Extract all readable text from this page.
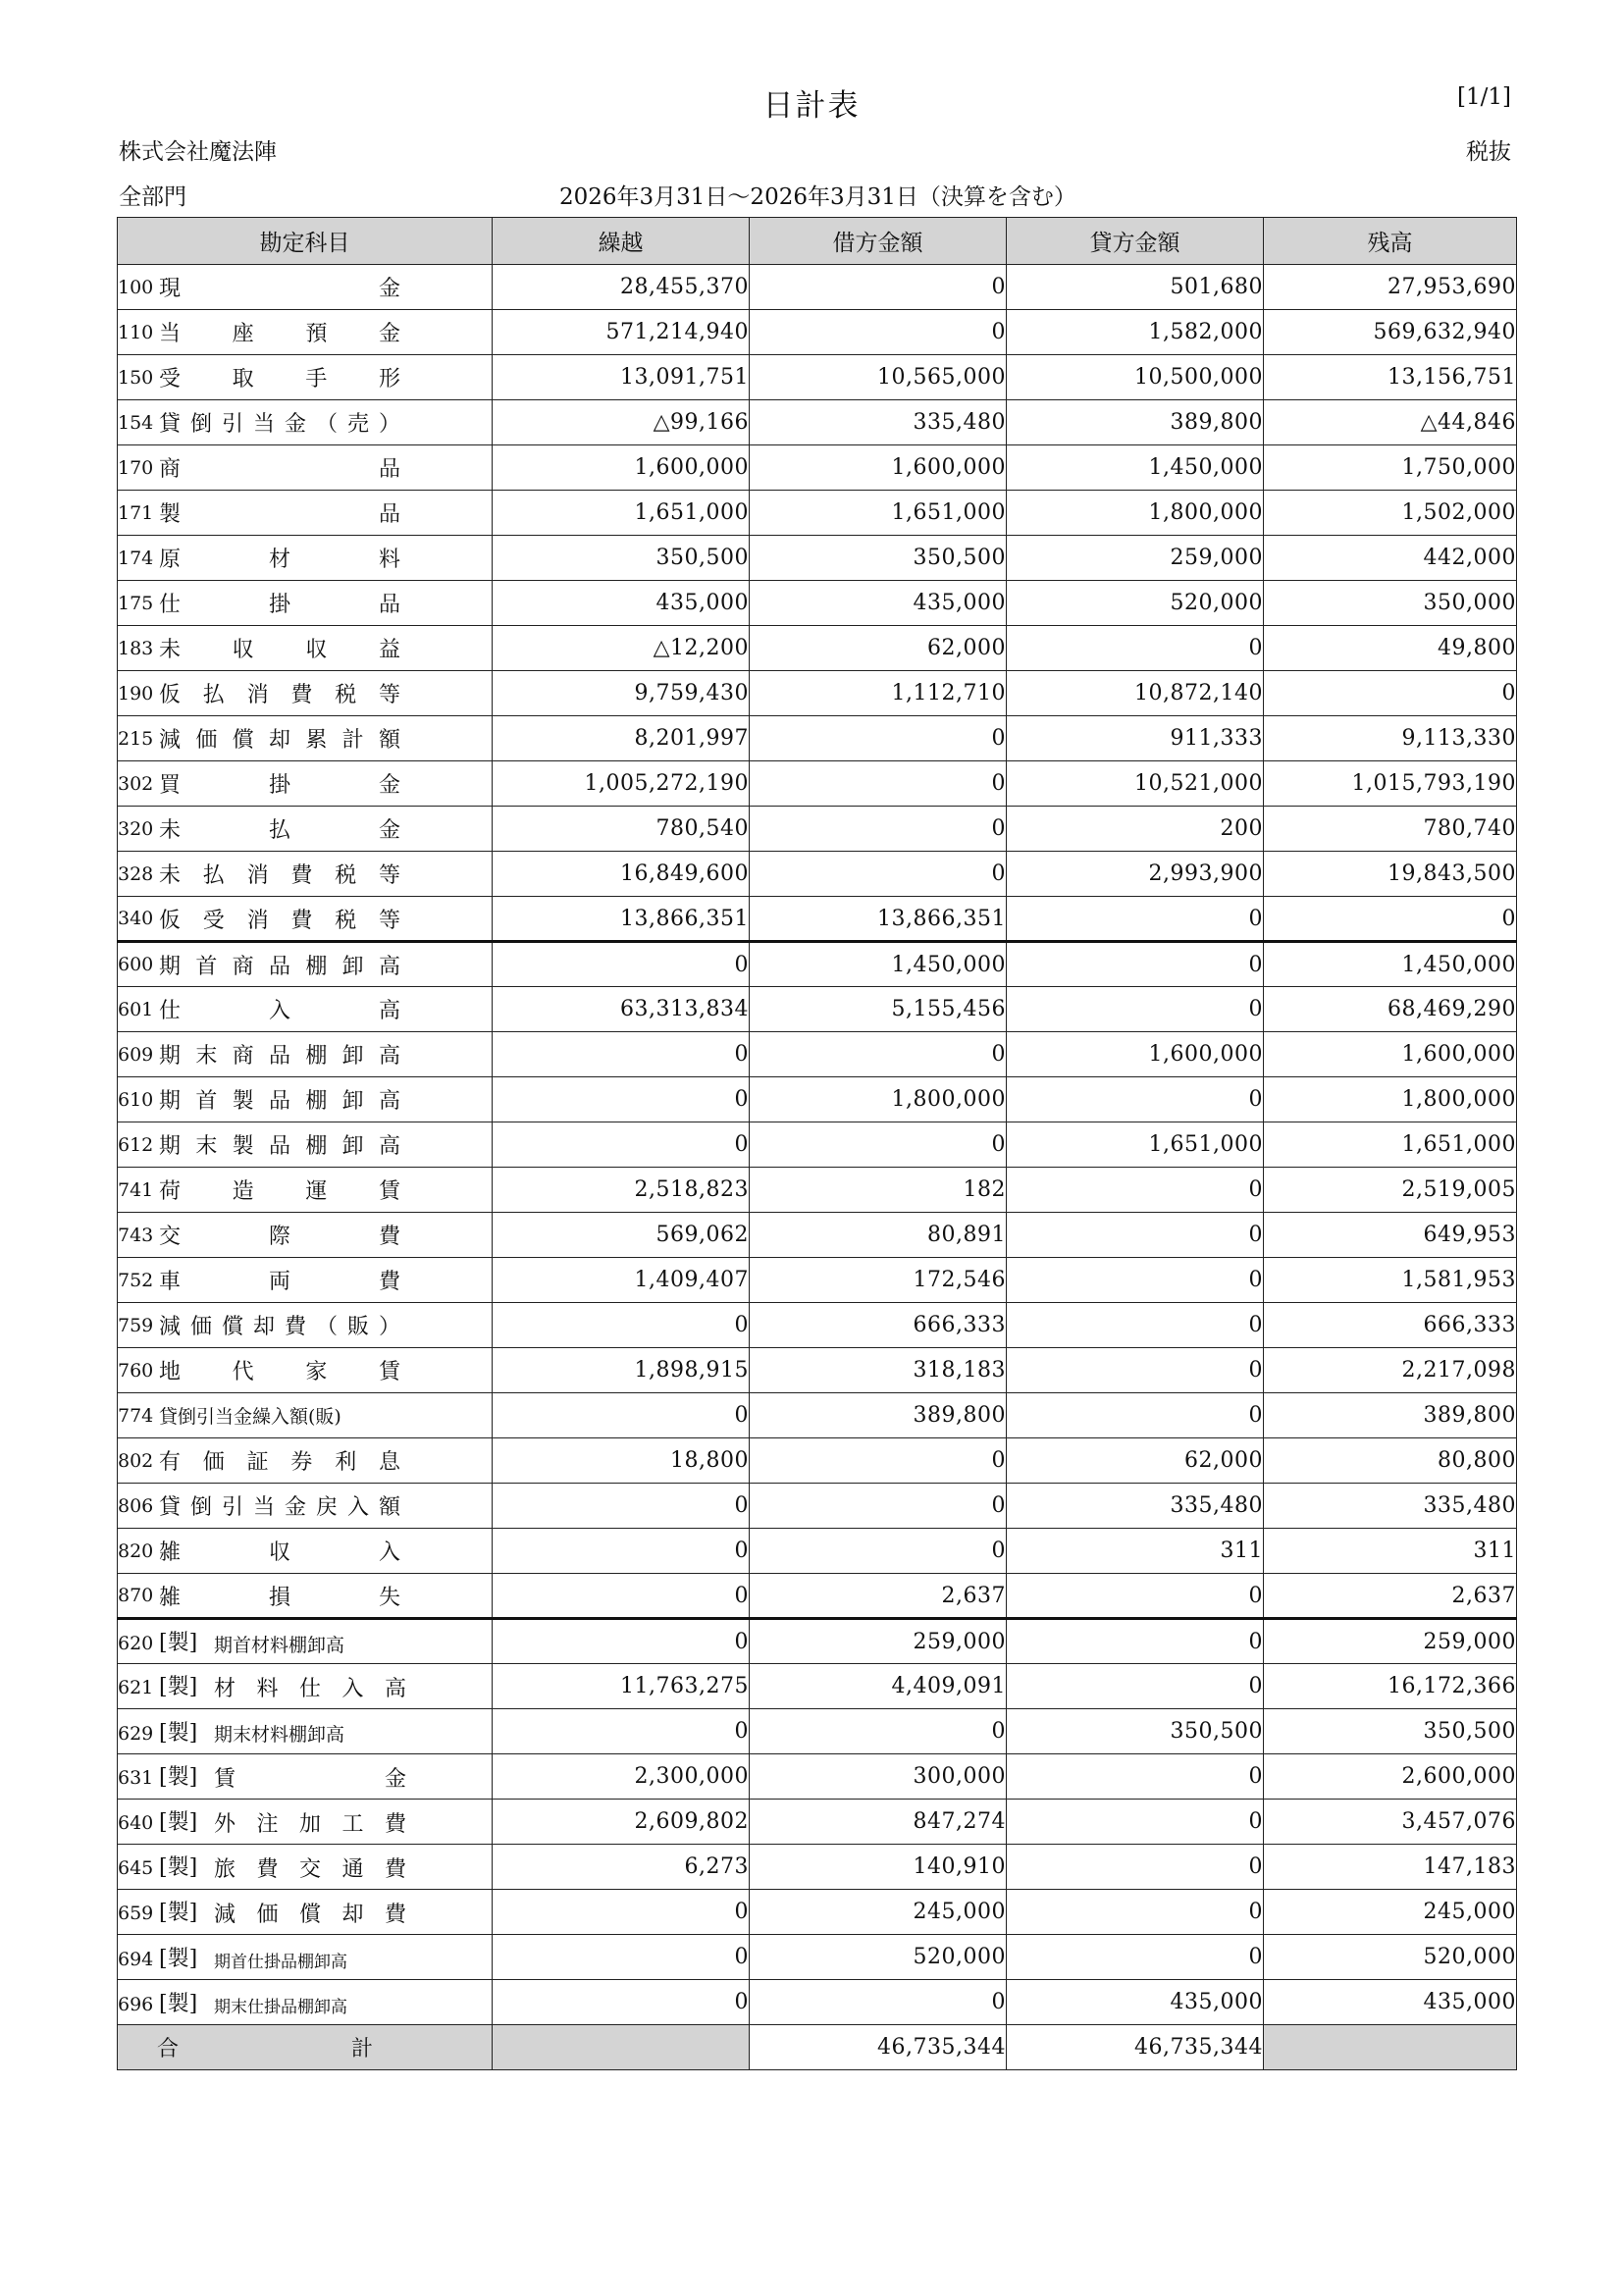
日計表	[1/1]
株式会社魔法陣	税抜
全部門	2026年3月31日～2026年3月31日（決算を含む）
勘定科目	繰越	借方金額	貸方金額	残高
100 現金	28,455,370	0	501,680	27,953,690
110 当座預金	571,214,940	0	1,582,000	569,632,940
150 受取手形	13,091,751	10,565,000	10,500,000	13,156,751
154 貸倒引当金（売）	△99,166	335,480	389,800	△44,846
170 商品	1,600,000	1,600,000	1,450,000	1,750,000
171 製品	1,651,000	1,651,000	1,800,000	1,502,000
174 原材料	350,500	350,500	259,000	442,000
175 仕掛品	435,000	435,000	520,000	350,000
183 未収収益	△12,200	62,000	0	49,800
190 仮払消費税等	9,759,430	1,112,710	10,872,140	0
215 減価償却累計額	8,201,997	0	911,333	9,113,330
302 買掛金	1,005,272,190	0	10,521,000	1,015,793,190
320 未払金	780,540	0	200	780,740
328 未払消費税等	16,849,600	0	2,993,900	19,843,500
340 仮受消費税等	13,866,351	13,866,351	0	0
600 期首商品棚卸高	0	1,450,000	0	1,450,000
601 仕入高	63,313,834	5,155,456	0	68,469,290
609 期末商品棚卸高	0	0	1,600,000	1,600,000
610 期首製品棚卸高	0	1,800,000	0	1,800,000
612 期末製品棚卸高	0	0	1,651,000	1,651,000
741 荷造運賃	2,518,823	182	0	2,519,005
743 交際費	569,062	80,891	0	649,953
752 車両費	1,409,407	172,546	0	1,581,953
759 減価償却費（販）	0	666,333	0	666,333
760 地代家賃	1,898,915	318,183	0	2,217,098
774 貸倒引当金繰入額(販)	0	389,800	0	389,800
802 有価証券利息	18,800	0	62,000	80,800
806 貸倒引当金戻入額	0	0	335,480	335,480
820 雑収入	0	0	311	311
870 雑損失	0	2,637	0	2,637
620 [製] 期首材料棚卸高	0	259,000	0	259,000
621 [製] 材料仕入高	11,763,275	4,409,091	0	16,172,366
629 [製] 期末材料棚卸高	0	0	350,500	350,500
631 [製] 賃金	2,300,000	300,000	0	2,600,000
640 [製] 外注加工費	2,609,802	847,274	0	3,457,076
645 [製] 旅費交通費	6,273	140,910	0	147,183
659 [製] 減価償却費	0	245,000	0	245,000
694 [製] 期首仕掛品棚卸高	0	520,000	0	520,000
696 [製] 期末仕掛品棚卸高	0	0	435,000	435,000
合計		46,735,344	46,735,344	
